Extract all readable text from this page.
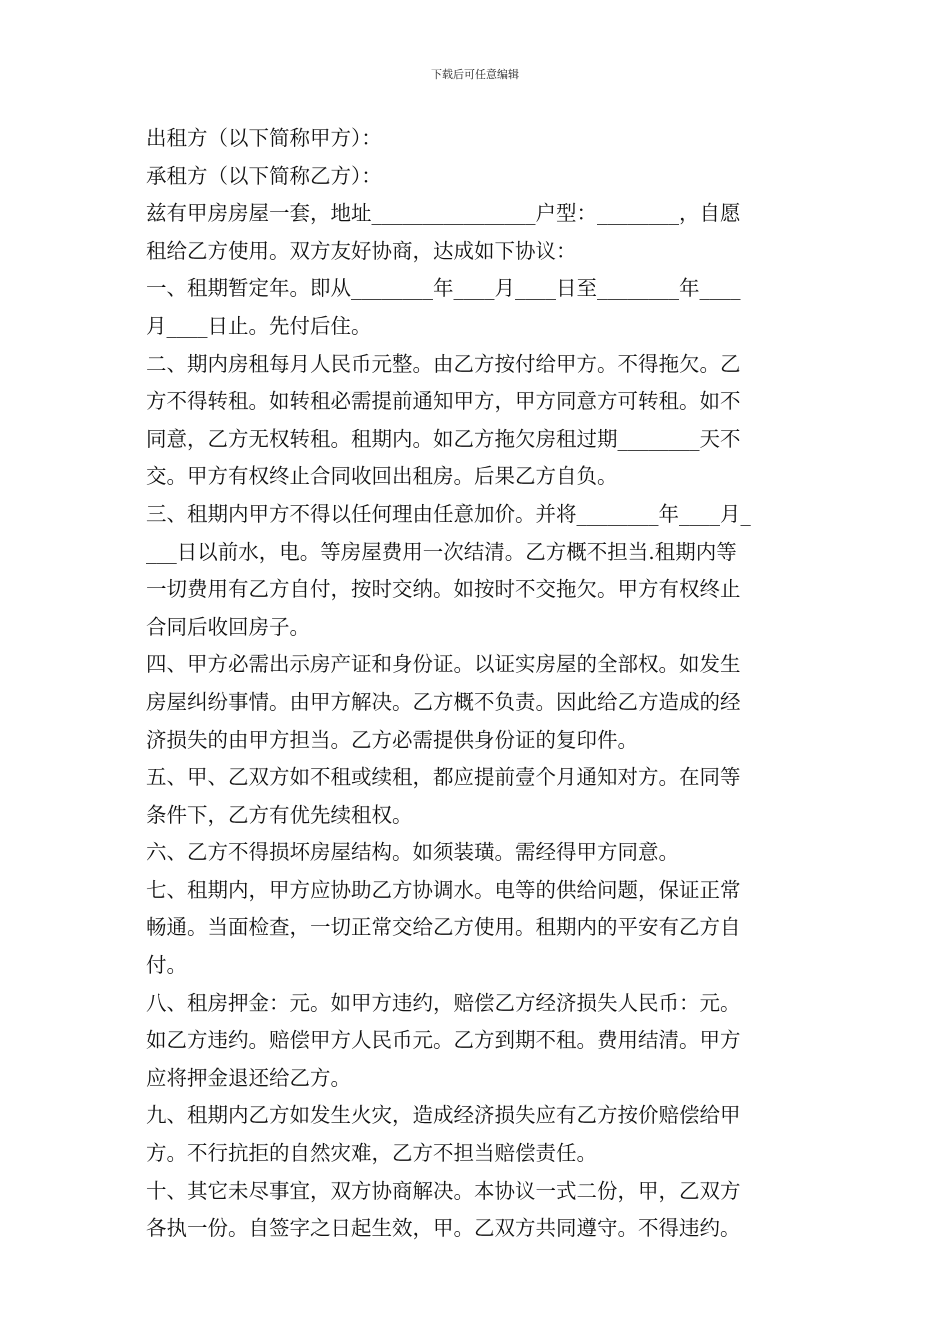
下载后可任意编辑
出租方（以下简称甲方）：
承租方（以下简称乙方）：
兹有甲房房屋一套，地址________________户型：________，自愿
租给乙方使用。双方友好协商，达成如下协议：
一、租期暂定年。即从________年____月____日至________年____
月____日止。先付后住。
二、期内房租每月人民币元整。由乙方按付给甲方。不得拖欠。乙
方不得转租。如转租必需提前通知甲方，甲方同意方可转租。如不
同意，乙方无权转租。租期内。如乙方拖欠房租过期________天不
交。甲方有权终止合同收回出租房。后果乙方自负。
三、租期内甲方不得以任何理由任意加价。并将________年____月_
___日以前水，电。等房屋费用一次结清。乙方概不担当.租期内等
一切费用有乙方自付，按时交纳。如按时不交拖欠。甲方有权终止
合同后收回房子。
四、甲方必需出示房产证和身份证。以证实房屋的全部权。如发生
房屋纠纷事情。由甲方解决。乙方概不负责。因此给乙方造成的经
济损失的由甲方担当。乙方必需提供身份证的复印件。
五、甲、乙双方如不租或续租，都应提前壹个月通知对方。在同等
条件下，乙方有优先续租权。
六、乙方不得损坏房屋结构。如须装璜。需经得甲方同意。
七、租期内，甲方应协助乙方协调水。电等的供给问题，保证正常
畅通。当面检查，一切正常交给乙方使用。租期内的平安有乙方自
付。
八、租房押金：元。如甲方违约，赔偿乙方经济损失人民币：元。
如乙方违约。赔偿甲方人民币元。乙方到期不租。费用结清。甲方
应将押金退还给乙方。
九、租期内乙方如发生火灾，造成经济损失应有乙方按价赔偿给甲
方。不行抗拒的自然灾难，乙方不担当赔偿责任。
十、其它未尽事宜，双方协商解决。本协议一式二份，甲，乙双方
各执一份。自签字之日起生效，甲。乙双方共同遵守。不得违约。
